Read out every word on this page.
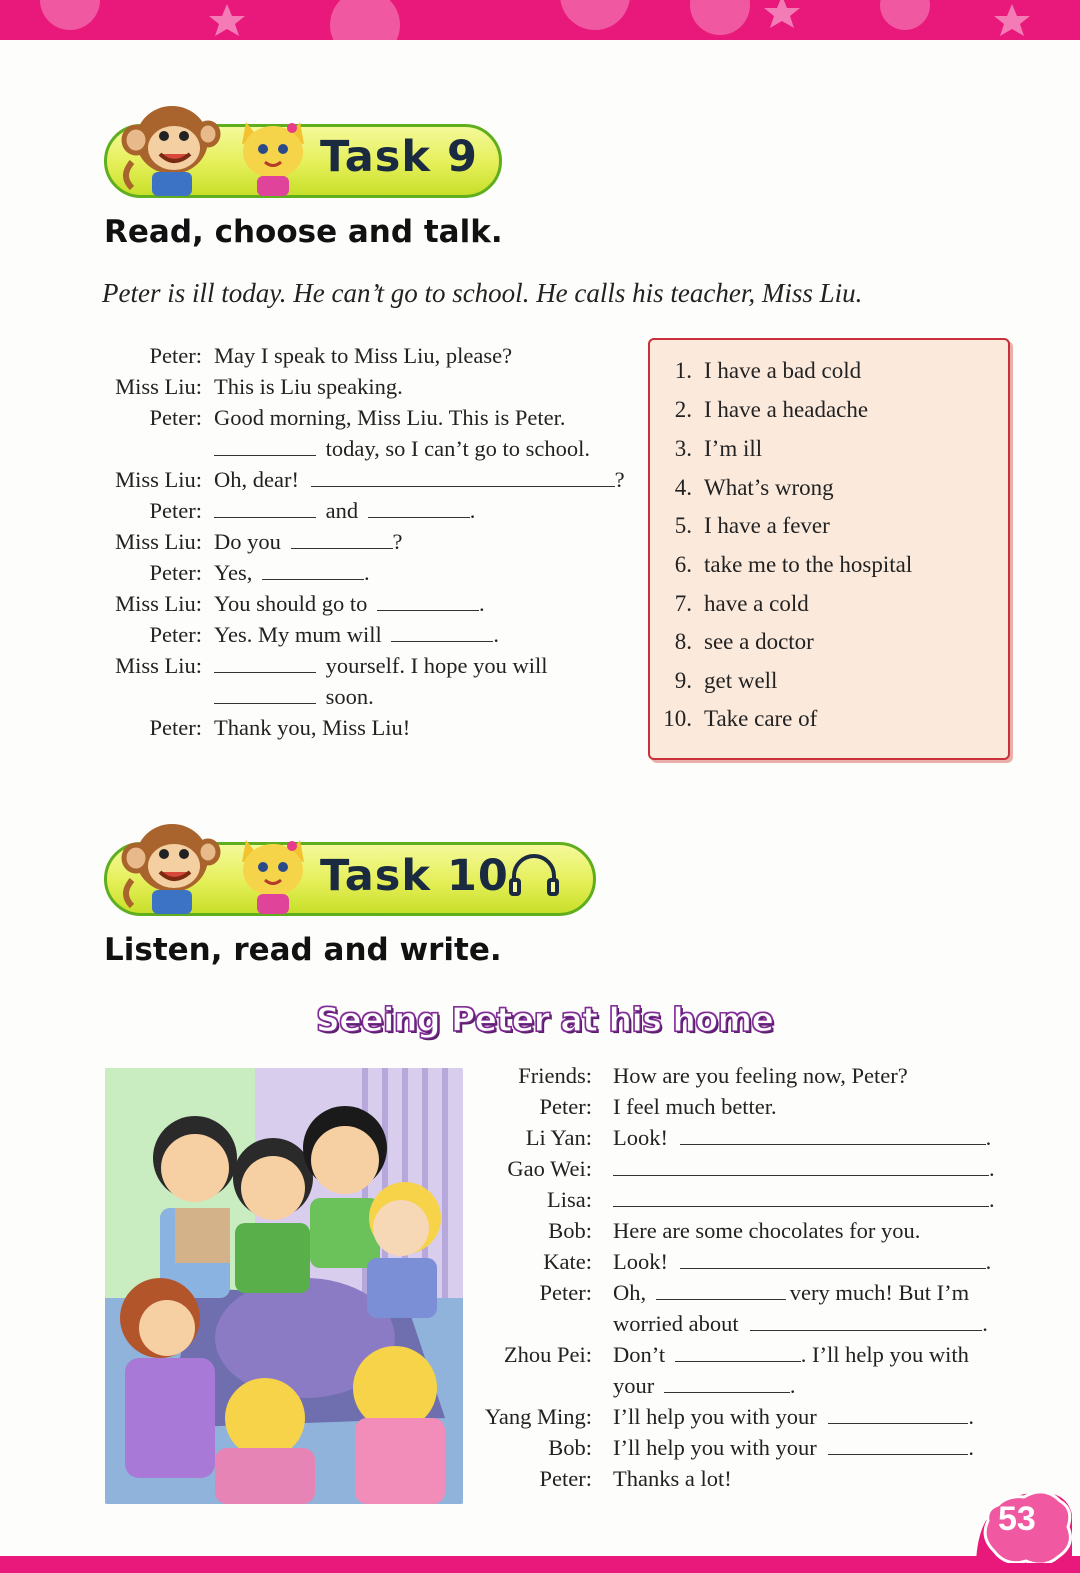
Task 9
Read, choose and talk.
Peter is ill today. He can’t go to school. He calls his teacher, Miss Liu.
Peter: May I speak to Miss Liu, please?
Miss Liu: This is Liu speaking.
Peter: Good morning, Miss Liu. This is Peter.
today, so I can’t go to school.
Miss Liu: Oh, dear!	?
Peter:	and	.
Miss Liu: Do you	?
Peter: Yes,	.
Miss Liu: You should go to	.
Peter: Yes. My mum will	.
Miss Liu:	yourself. I hope you will
soon.
Peter: Thank you, Miss Liu!
1. I have a bad cold
2. I have a headache
3. I’m ill
4. What’s wrong
5. I have a fever
6. take me to the hospital
7. have a cold
8. see a doctor
9. get well
10. Take care of
Task 10
Listen, read and write.
Seeing Peter at his home
Friends: How are you feeling now, Peter?
Peter: I feel much better.
Li Yan: Look!	.
Gao Wei:	.
Lisa:	.
Bob: Here are some chocolates for you.
Kate: Look!	.
Peter: Oh,	very much! But I’m
worried about	.
Zhou Pei: Don’t	. I’ll help you with
your	.
Yang Ming: I’ll help you with your	.
Bob: I’ll help you with your	.
Peter: Thanks a lot!
53
